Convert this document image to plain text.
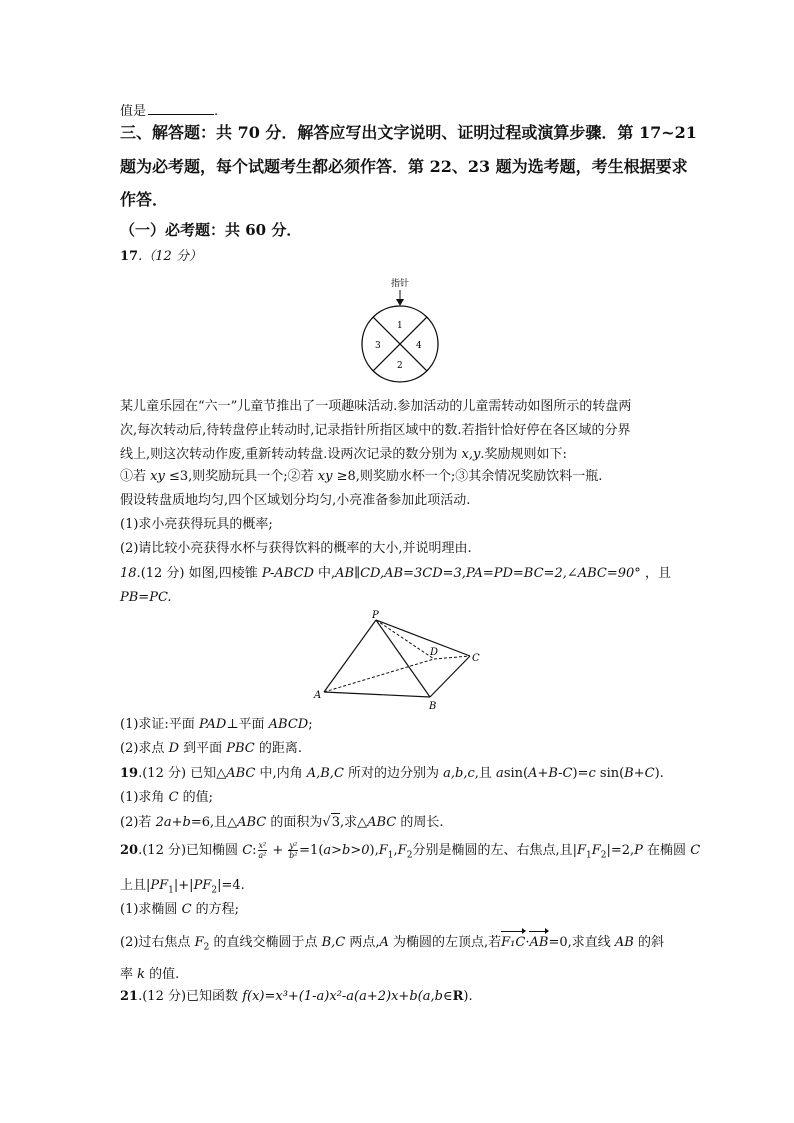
值是	.
三、解答题：共 70 分．解答应写出文字说明、证明过程或演算步骤．第 17~21
题为必考题，每个试题考生都必须作答．第 22、23 题为选考题，考生根据要求
作答．
（一）必考题：共 60 分．
17.（12 分）
指针
1
4
2
3
某儿童乐园在“六一”儿童节推出了一项趣味活动.参加活动的儿童需转动如图所示的转盘两
次,每次转动后,待转盘停止转动时,记录指针所指区域中的数.若指针恰好停在各区域的分界
线上,则这次转动作废,重新转动转盘.设两次记录的数分别为 x,y.奖励规则如下:
①若 xy ≤3,则奖励玩具一个;②若 xy ≥8,则奖励水杯一个;③其余情况奖励饮料一瓶.
假设转盘质地均匀,四个区域划分均匀,小亮准备参加此项活动.
(1)求小亮获得玩具的概率;
(2)请比较小亮获得水杯与获得饮料的概率的大小,并说明理由.
18.(12 分) 如图,四棱锥 P-ABCD 中,AB∥CD,AB=3CD=3,PA=PD=BC=2,∠ABC=90° ，且
PB=PC.
P
D
C
A
B
(1)求证:平面 PAD⊥平面 ABCD;
(2)求点 D 到平面 PBC 的距离.
19.(12 分) 已知△ABC 中,内角 A,B,C 所对的边分别为 a,b,c,且 asin(A+B-C)=c sin(B+C).
(1)求角 C 的值;
(2)若 2a+b=6,且△ABC 的面积为√3,求△ABC 的周长.
20.(12 分)已知椭圆 C: $\frac{\text{x²}}{\text{a²}} + \frac{\text{y²}}{\text{b²}} =1(a>b>0),F_1,F_2$分别是椭圆的左、右焦点,且$|F_1F_2|=2,P$ 在椭圆 C
上且$|PF_1|+|PF_2|=4$.
(1)求椭圆 C 的方程;
(2)过右焦点 $F_2$ 的直线交椭圆于点 B,C 两点,A 为椭圆的左顶点,若F₁C·AB=0,求直线 AB 的斜
率 k 的值.
21.(12 分)已知函数 f(x)=x³+(1-a)x²-a(a+2)x+b(a,b∈R).
